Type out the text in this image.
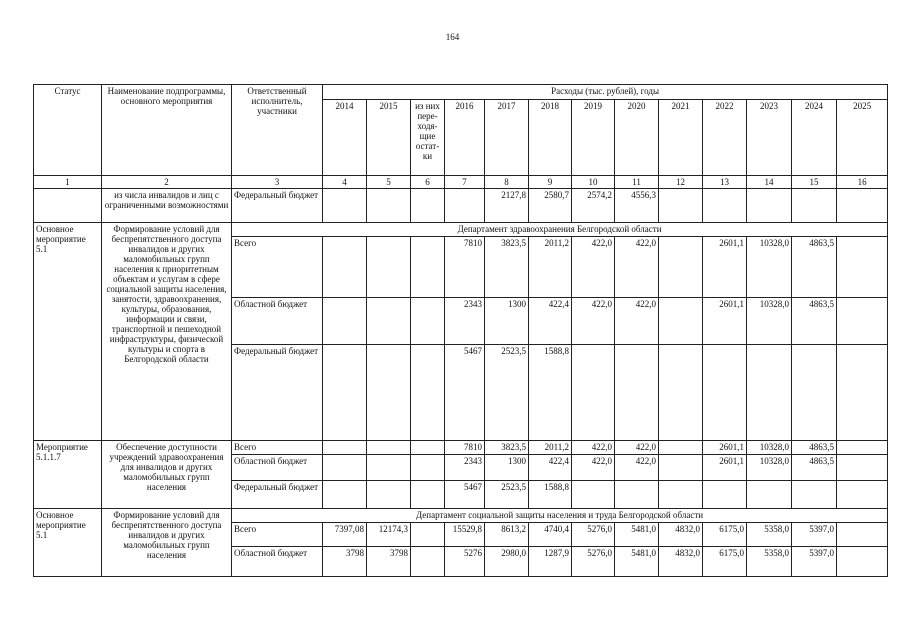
164
Статус	Наименование подпрограммы, основного мероприятия	Ответственный исполнитель, участники	Расходы (тыс. рублей), годы												
			2014	2015	из них пере-ходя-щие остат-ки	2016	2017	2018	2019	2020	2021	2022	2023	2024	2025
1	2	3	4	5	6	7	8	9	10	11	12	13	14	15	16
	из числа инвалидов и лиц с ограниченными возможностями	Федеральный бюджет					2127,8	2580,7	2574,2	4556,3					
Основное мероприятие 5.1	Формирование условий для беспрепятственного доступа инвалидов и других маломобильных групп населения к приоритетным объектам и услугам в сфере социальной защиты населения, занятости, здравоохранения, культуры, образования, информации и связи, транспортной и пешеходной инфраструктуры, физической культуры и спорта в Белгородской области	Департамент здравоохранения Белгородской области													
		Всего				7810	3823,5	2011,2	422,0	422,0		2601,1	10328,0	4863,5	
		Областной бюджет				2343	1300	422,4	422,0	422,0		2601,1	10328,0	4863,5	
		Федеральный бюджет				5467	2523,5	1588,8							
Мероприятие 5.1.1.7	Обеспечение доступности учреждений здравоохранения для инвалидов и других маломобильных групп населения	Всего				7810	3823,5	2011,2	422,0	422,0		2601,1	10328,0	4863,5	
		Областной бюджет				2343	1300	422,4	422,0	422,0		2601,1	10328,0	4863,5	
		Федеральный бюджет				5467	2523,5	1588,8							
Основное мероприятие 5.1	Формирование условий для беспрепятственного доступа инвалидов и других маломобильных групп населения	Департамент социальной защиты населения и труда Белгородской области													
		Всего	7397,08	12174,3		15529,8	8613,2	4740,4	5276,0	5481,0	4832,0	6175,0	5358,0	5397,0	
		Областной бюджет	3798	3798		5276	2980,0	1287,9	5276,0	5481,0	4832,0	6175,0	5358,0	5397,0	
